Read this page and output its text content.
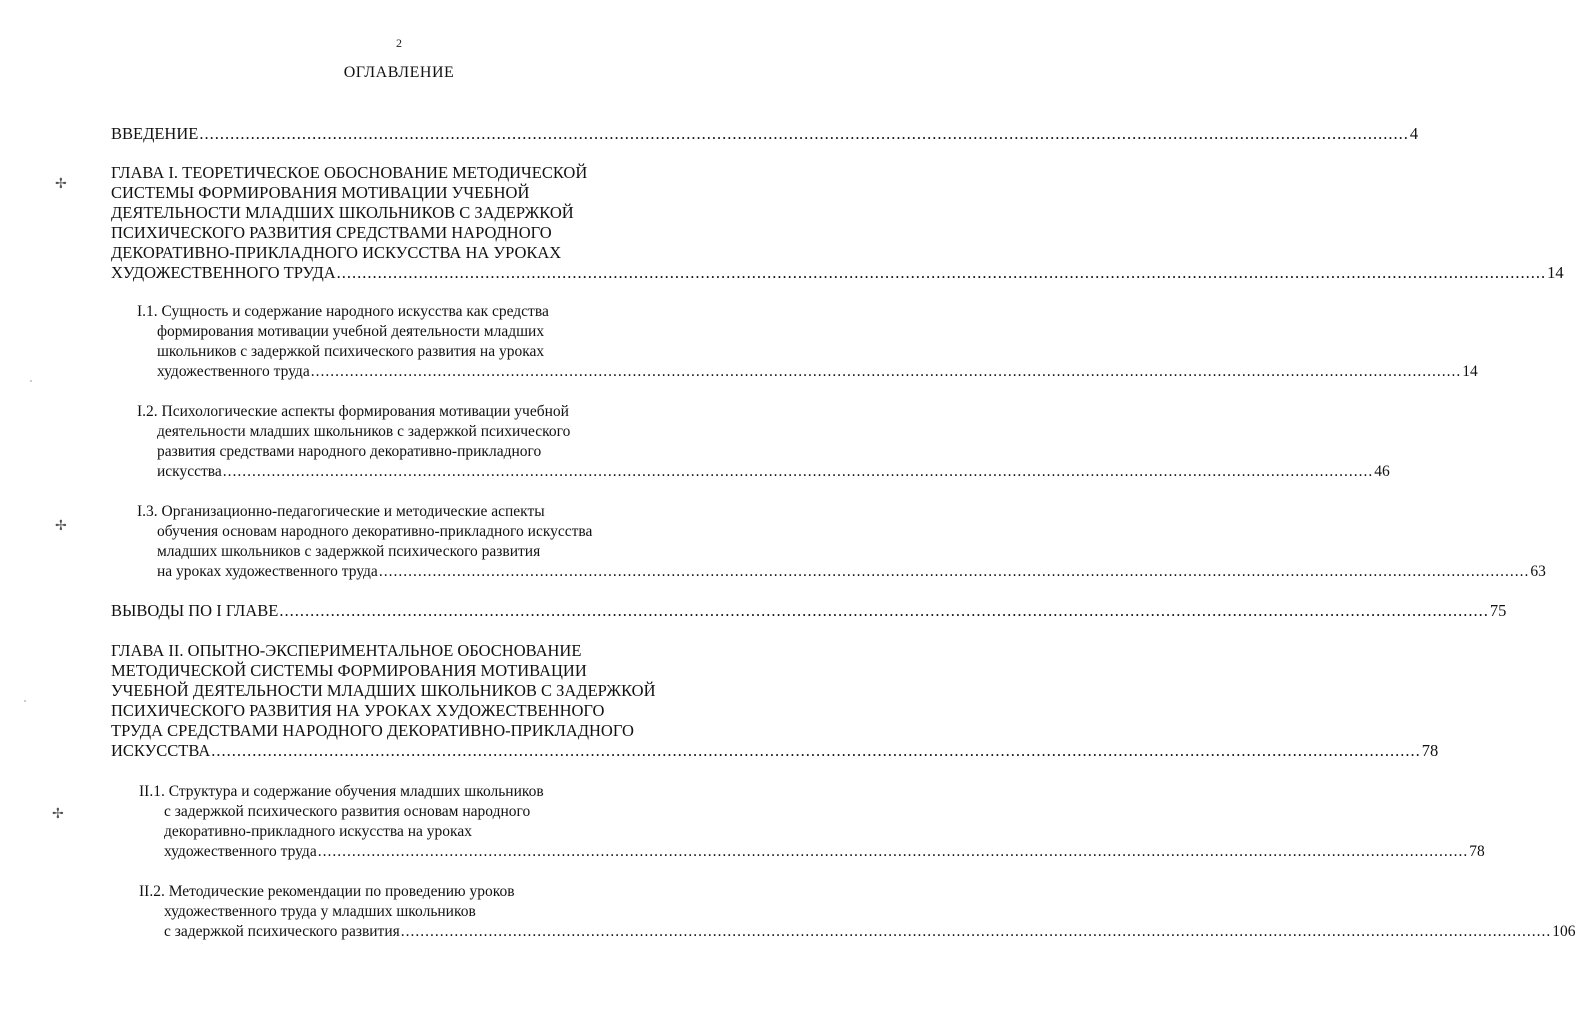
✢
✢
✢
2
ОГЛАВЛЕНИЕ
ВВЕДЕНИЕ ............................................................................................................................................................................................................................................ 4
ГЛАВА I. ТЕОРЕТИЧЕСКОЕ ОБОСНОВАНИЕ МЕТОДИЧЕСКОЙ
СИСТЕМЫ ФОРМИРОВАНИЯ МОТИВАЦИИ УЧЕБНОЙ
ДЕЯТЕЛЬНОСТИ МЛАДШИХ ШКОЛЬНИКОВ С ЗАДЕРЖКОЙ
ПСИХИЧЕСКОГО РАЗВИТИЯ СРЕДСТВАМИ НАРОДНОГО
ДЕКОРАТИВНО-ПРИКЛАДНОГО ИСКУССТВА НА УРОКАХ
ХУДОЖЕСТВЕННОГО ТРУДА ............................................................................................................................................................................................................................................ 14
I.1. Сущность и содержание народного искусства как средства
формирования мотивации учебной деятельности младших
школьников с задержкой психического развития на уроках
художественного труда ............................................................................................................................................................................................................................................ 14
I.2. Психологические аспекты формирования мотивации учебной
деятельности младших школьников с задержкой психического
развития средствами народного декоративно-прикладного
искусства ............................................................................................................................................................................................................................................ 46
I.3. Организационно-педагогические и методические аспекты
обучения основам народного декоративно-прикладного искусства
младших школьников с задержкой психического развития
на уроках художественного труда ............................................................................................................................................................................................................................................ 63
ВЫВОДЫ ПО I ГЛАВЕ ............................................................................................................................................................................................................................................ 75
ГЛАВА II. ОПЫТНО-ЭКСПЕРИМЕНТАЛЬНОЕ ОБОСНОВАНИЕ
МЕТОДИЧЕСКОЙ СИСТЕМЫ ФОРМИРОВАНИЯ МОТИВАЦИИ
УЧЕБНОЙ ДЕЯТЕЛЬНОСТИ МЛАДШИХ ШКОЛЬНИКОВ С ЗАДЕРЖКОЙ
ПСИХИЧЕСКОГО РАЗВИТИЯ НА УРОКАХ ХУДОЖЕСТВЕННОГО
ТРУДА СРЕДСТВАМИ НАРОДНОГО ДЕКОРАТИВНО-ПРИКЛАДНОГО
ИСКУССТВА ............................................................................................................................................................................................................................................ 78
II.1. Структура и содержание обучения младших школьников
с задержкой психического развития основам народного
декоративно-прикладного искусства на уроках
художественного труда ............................................................................................................................................................................................................................................ 78
II.2. Методические рекомендации по проведению уроков
художественного труда у младших школьников
с задержкой психического развития ............................................................................................................................................................................................................................................ 106
